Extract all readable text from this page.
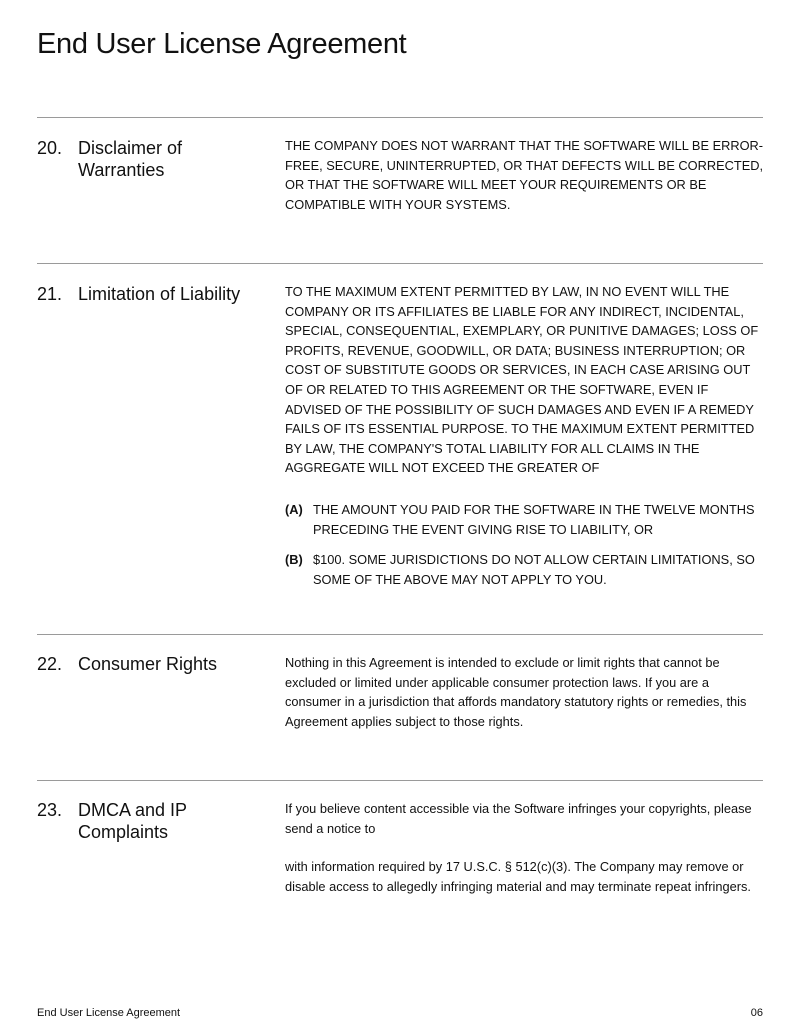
End User License Agreement
20. Disclaimer of Warranties

THE COMPANY DOES NOT WARRANT THAT THE SOFTWARE WILL BE ERROR-FREE, SECURE, UNINTERRUPTED, OR THAT DEFECTS WILL BE CORRECTED, OR THAT THE SOFTWARE WILL MEET YOUR REQUIREMENTS OR BE COMPATIBLE WITH YOUR SYSTEMS.

21. Limitation of Liability	TO THE MAXIMUM EXTENT PERMITTED BY LAW, IN NO EVENT WILL THE COMPANY OR ITS AFFILIATES BE LIABLE FOR ANY INDIRECT, INCIDENTAL, SPECIAL, CONSEQUENTIAL, EXEMPLARY, OR PUNITIVE DAMAGES; LOSS OF PROFITS, REVENUE, GOODWILL, OR DATA; BUSINESS INTERRUPTION; OR COST OF SUBSTITUTE GOODS OR SERVICES, IN EACH CASE ARISING OUT OF OR RELATED TO THIS AGREEMENT OR THE SOFTWARE, EVEN IF ADVISED OF THE POSSIBILITY OF SUCH DAMAGES AND EVEN IF A REMEDY FAILS OF ITS ESSENTIAL PURPOSE. TO THE MAXIMUM EXTENT PERMITTED BY LAW, THE COMPANY'S TOTAL LIABILITY FOR ALL CLAIMS IN THE AGGREGATE WILL NOT EXCEED THE GREATER OF

(A) THE AMOUNT YOU PAID FOR THE SOFTWARE IN THE TWELVE MONTHS PRECEDING THE EVENT GIVING RISE TO LIABILITY, OR
(B) $100. SOME JURISDICTIONS DO NOT ALLOW CERTAIN LIMITATIONS, SO SOME OF THE ABOVE MAY NOT APPLY TO YOU.
22. Consumer Rights	Nothing in this Agreement is intended to exclude or limit rights that cannot be excluded or limited under applicable consumer protection laws. If you are a consumer in a jurisdiction that affords mandatory statutory rights or remedies, this Agreement applies subject to those rights.

23. DMCA and IP Complaints

If you believe content accessible via the Software infringes your copyrights, please send a notice to

with information required by 17 U.S.C. § 512(c)(3). The Company may remove or disable access to allegedly infringing material and may terminate repeat infringers.

End User License Agreement	06
